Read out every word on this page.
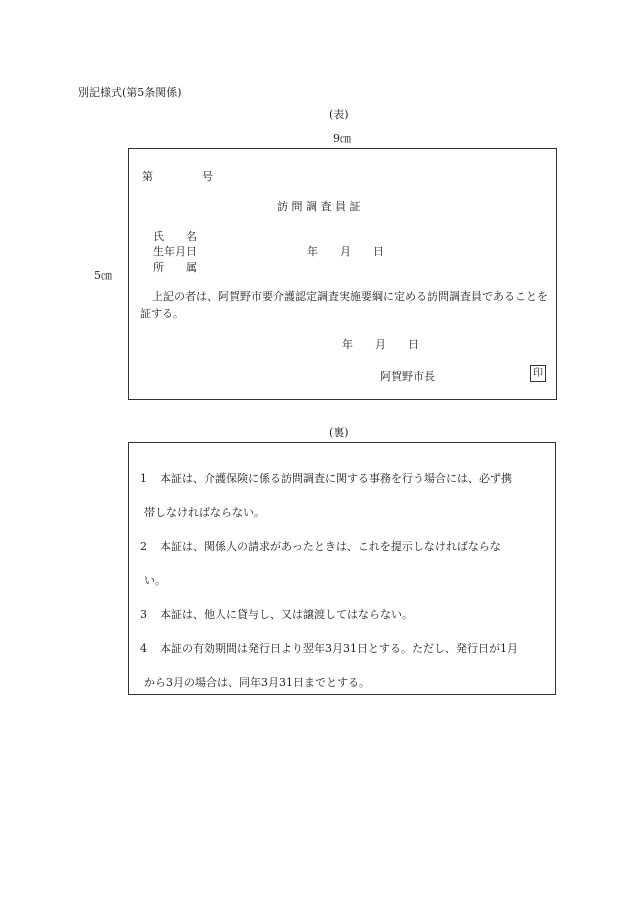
別記様式(第5条関係)
(表)
9㎝
5㎝
第	号
訪 問 調 査 員 証
氏　　名
生年月日
所　　属
年　　月　　日
上記の者は、阿賀野市要介護認定調査実施要綱に定める訪問調査員であることを証する。
年　　月　　日
阿賀野市長	印
(裏)
1 本証は、介護保険に係る訪問調査に関する事務を行う場合には、必ず携
帯しなければならない。
2 本証は、関係人の請求があったときは、これを提示しなければならな
い。
3 本証は、他人に貸与し、又は譲渡してはならない。
4 本証の有効期間は発行日より翌年3月31日とする。ただし、発行日が1月
から3月の場合は、同年3月31日までとする。
